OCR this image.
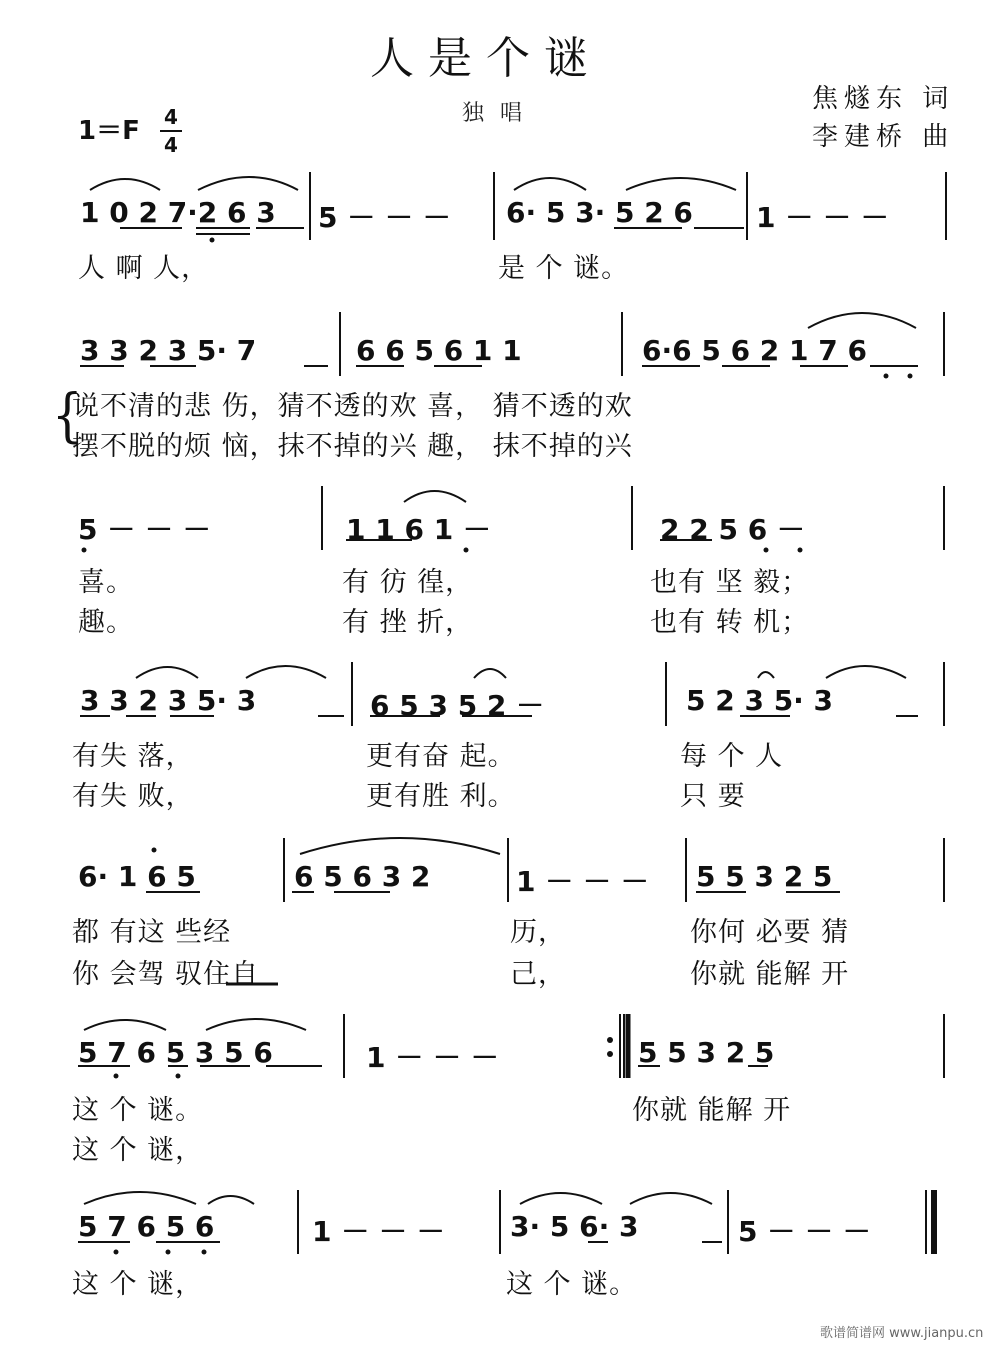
人是个谜
独唱	焦燧东 词
李建桥 曲
1＝F 4
4
1 0 2 7·2 6 3 5 － － － 6· 5 3· 5 2 6 1 － － －
人 啊 人，	是 个 谜。
3 3 2 3 5· 7	6 6 5 6 1 1	6·6 5 6 2 1 7 6
{
说不清的悲 伤，猜不透的欢 喜， 猜不透的欢
摆不脱的烦 恼，抹不掉的兴 趣， 抹不掉的兴
5 － － －	1 1 6 1 －	2 2 5 6 －
喜。	有 彷 徨，	也有 坚 毅；
趣。	有 挫 折，	也有 转 机；
3 3 2 3 5· 3	6 5 3 5 2 －	5 2 3 5· 3
有失 落，	更有奋 起。	每 个 人
有失 败，	更有胜 利。	只 要
6· 1 6 5	6 5 6 3 2	1 － － － 5 5 3 2 5
都 有这 些经	历，	你何 必要 猜
你 会驾 驭住自	己，	你就 能解 开
5 7 6 5 3 5 6	1 － － －	5 5 3 2 5
这 个 谜。	你就 能解 开
这 个 谜，
5 7 6 5 6	1 － － － 3· 5 6· 3	5 － － －
这 个 谜，	这 个 谜。
歌谱简谱网 www.jianpu.cn
